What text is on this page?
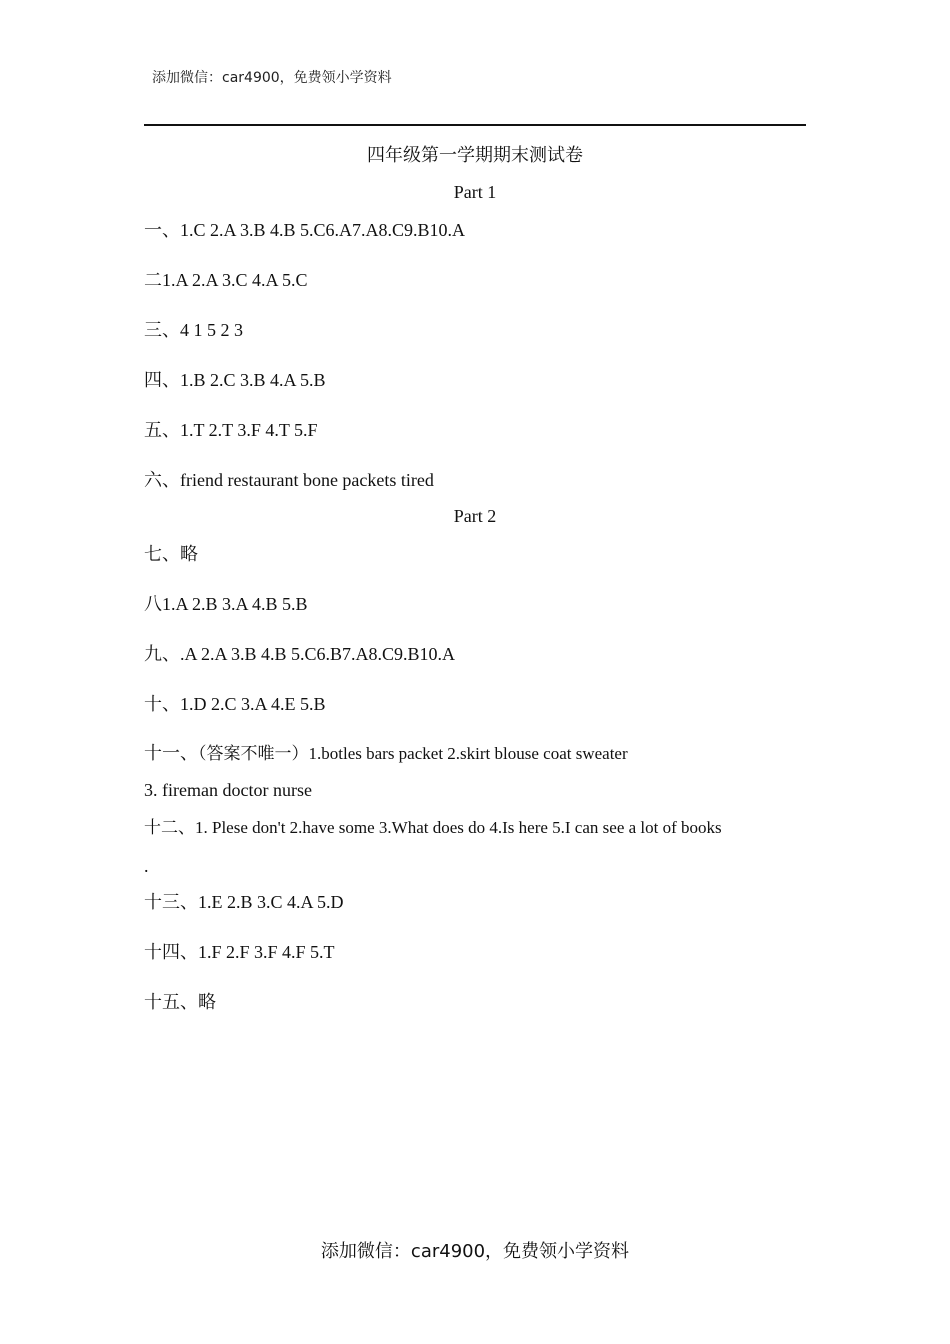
添加微信：car4900，免费领小学资料
四年级第一学期期末测试卷
Part 1
一、1.C 2.A 3.B 4.B 5.C6.A7.A8.C9.B10.A
二1.A 2.A 3.C 4.A 5.C
三、4 1 5 2 3
四、1.B 2.C 3.B 4.A 5.B
五、1.T 2.T 3.F 4.T 5.F
六、friend restaurant bone packets tired
Part 2
七、略
八1.A 2.B 3.A 4.B 5.B
九、.A 2.A 3.B 4.B 5.C6.B7.A8.C9.B10.A
十、1.D 2.C 3.A 4.E 5.B
十一、（答案不唯一）1.botles bars packet 2.skirt blouse coat sweater
3. fireman doctor nurse
十二、1. Plese don't 2.have some 3.What does do 4.Is here 5.I can see a lot of books
.
十三、1.E 2.B 3.C 4.A 5.D
十四、1.F 2.F 3.F 4.F 5.T
十五、略
添加微信：car4900，免费领小学资料
